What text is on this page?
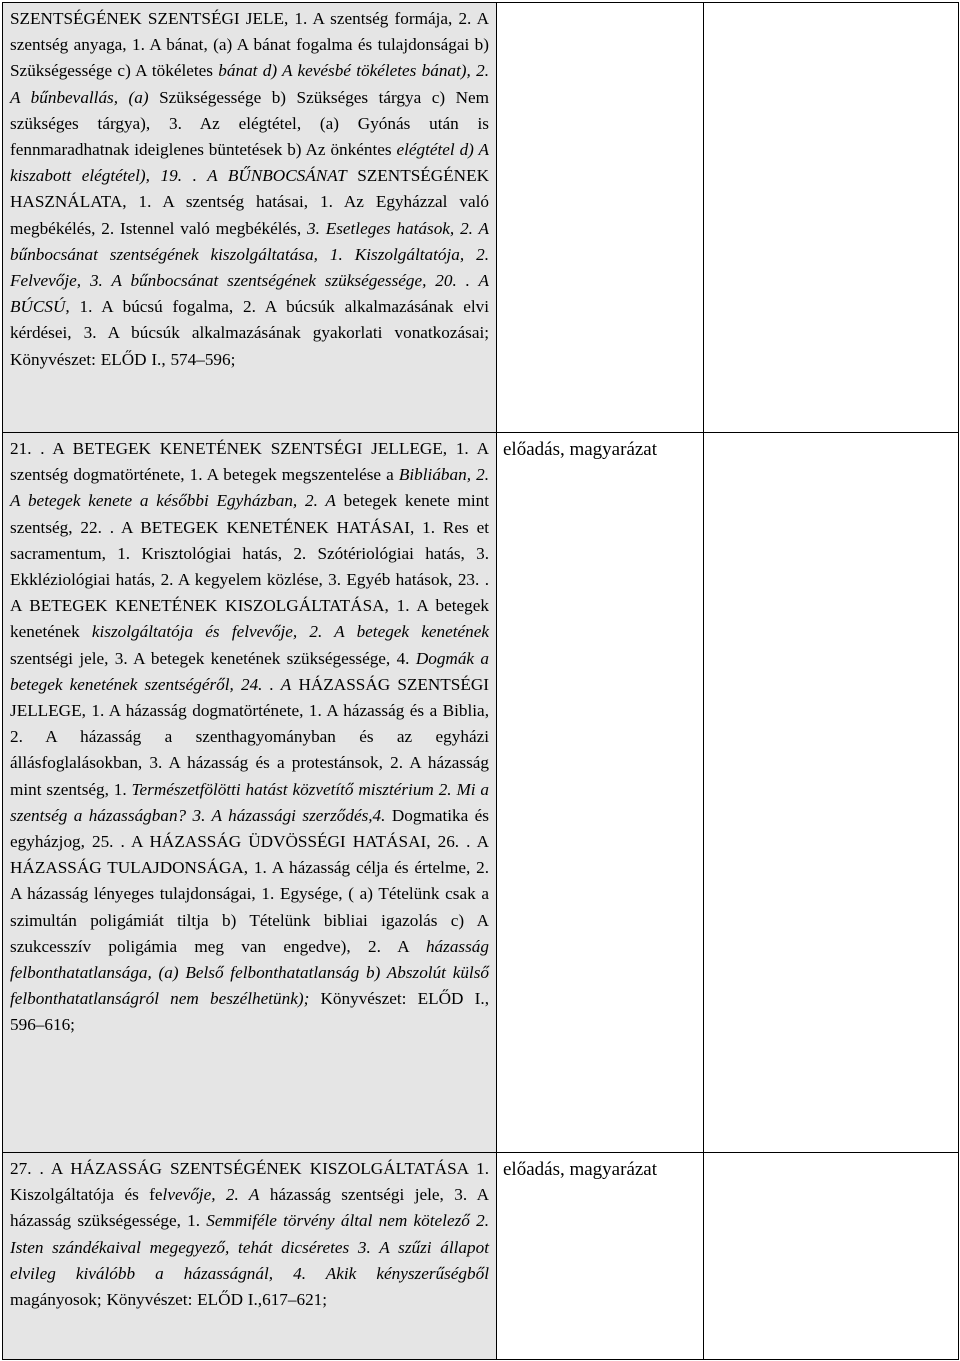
SZENTSÉGÉNEK SZENTSÉGI JELE, 1. A szentség formája, 2. A szentség anyaga, 1. A bánat, (a) A bánat fogalma és tulajdonságai b) Szükségessége c) A tökéletes bánat d) A kevésbé tökéletes bánat), 2. A bűnbevallás, (a) Szükségessége b) Szükséges tárgya c) Nem szükséges tárgya), 3. Az elégtétel, (a) Gyónás után is fennmaradhatnak ideiglenes büntetések b) Az önkéntes elégtétel d) A kiszabott elégtétel), 19. . A BŰNBOCSÁNAT SZENTSÉGÉNEK HASZNÁLATA, 1. A szentség hatásai, 1. Az Egyházzal való megbékélés, 2. Istennel való megbékélés, 3. Esetleges hatások, 2. A bűnbocsánat szentségének kiszolgáltatása, 1. Kiszolgáltatója, 2. Felvevője, 3. A bűnbocsánat szentségének szükségessége, 20. . A BÚCSÚ, 1. A búcsú fogalma, 2. A búcsúk alkalmazásának elvi kérdései, 3. A búcsúk alkalmazásának gyakorlati vonatkozásai; Könyvészet: ELŐD I., 574–596;		
21. . A BETEGEK KENETÉNEK SZENTSÉGI JELLEGE, 1. A szentség dogmatörténete, 1. A betegek megszentelése a Bibliában, 2. A betegek kenete a későbbi Egyházban, 2. A betegek kenete mint szentség, 22. . A BETEGEK KENETÉNEK HATÁSAI, 1. Res et sacramentum, 1. Krisztológiai hatás, 2. Szótériológiai hatás, 3. Ekkléziológiai hatás, 2. A kegyelem közlése, 3. Egyéb hatások, 23. . A BETEGEK KENETÉNEK KISZOLGÁLTATÁSA, 1. A betegek kenetének kiszolgáltatója és felvevője, 2. A betegek kenetének szentségi jele, 3. A betegek kenetének szükségessége, 4. Dogmák a betegek kenetének szentségéről, 24. . A HÁZASSÁG SZENTSÉGI JELLEGE, 1. A házasság dogmatörténete, 1. A házasság és a Biblia, 2. A házasság a szenthagyományban és az egyházi állásfoglalásokban, 3. A házasság és a protestánsok, 2. A házasság mint szentség, 1. Természetfölötti hatást közvetítő misztérium 2. Mi a szentség a házasságban? 3. A házassági szerződés,4. Dogmatika és egyházjog, 25. . A HÁZASSÁG ÜDVÖSSÉGI HATÁSAI, 26. . A HÁZASSÁG TULAJDONSÁGA, 1. A házasság célja és értelme, 2. A házasság lényeges tulajdonságai, 1. Egysége, ( a) Tételünk csak a szimultán poligámiát tiltja b) Tételünk bibliai igazolás c) A szukcesszív poligámia meg van engedve), 2. A házasság felbonthatatlansága, (a) Belső felbonthatatlanság b) Abszolút külső felbonthatatlanságról nem beszélhetünk); Könyvészet: ELŐD I., 596–616;	előadás, magyarázat	
27. . A HÁZASSÁG SZENTSÉGÉNEK KISZOLGÁLTATÁSA 1. Kiszolgáltatója és felvevője, 2. A házasság szentségi jele, 3. A házasság szükségessége, 1. Semmiféle törvény által nem kötelező 2. Isten szándékaival megegyező, tehát dicséretes 3. A szűzi állapot elvileg kiválóbb a házasságnál, 4. Akik kényszerűségből magányosok; Könyvészet: ELŐD I.,617–621;	előadás, magyarázat	
